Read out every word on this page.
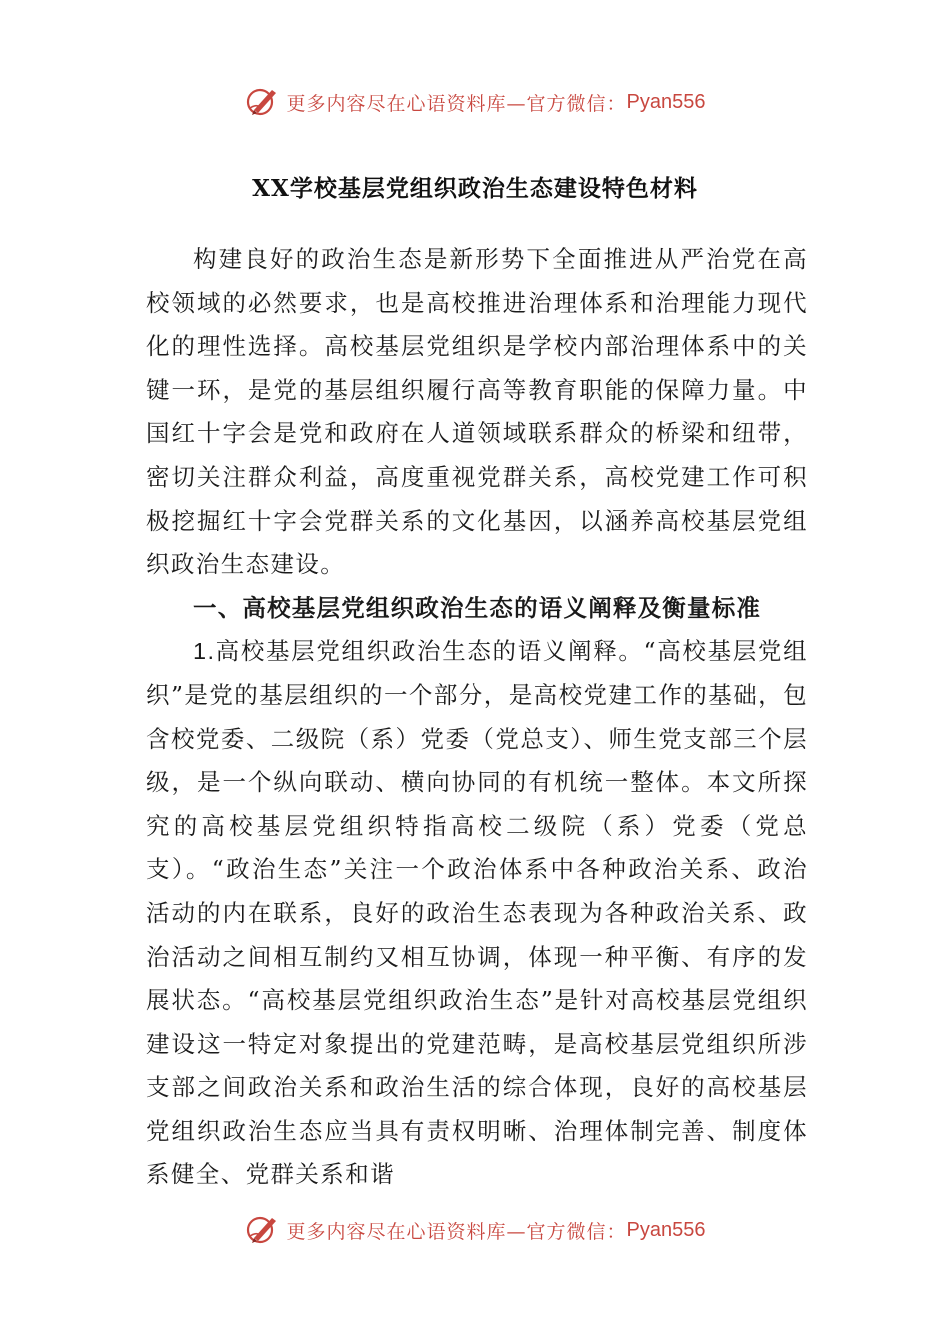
更多内容尽在心语资料库—官方微信： Pyan556
XX学校基层党组织政治生态建设特色材料

构建良好的政治生态是新形势下全面推进从严治党在高校领域的必然要求，也是高校推进治理体系和治理能力现代化的理性选择。高校基层党组织是学校内部治理体系中的关键一环，是党的基层组织履行高等教育职能的保障力量。中国红十字会是党和政府在人道领域联系群众的桥梁和纽带，密切关注群众利益，高度重视党群关系，高校党建工作可积极挖掘红十字会党群关系的文化基因，以涵养高校基层党组织政治生态建设。

一、高校基层党组织政治生态的语义阐释及衡量标准

1.高校基层党组织政治生态的语义阐释。“高校基层党组织”是党的基层组织的一个部分，是高校党建工作的基础，包含校党委、二级院（系）党委（党总支）、师生党支部三个层级，是一个纵向联动、横向协同的有机统一整体。本文所探究的高校基层党组织特指高校二级院（系）党委（党总支）。“政治生态”关注一个政治体系中各种政治关系、政治活动的内在联系，良好的政治生态表现为各种政治关系、政治活动之间相互制约又相互协调，体现一种平衡、有序的发展状态。“高校基层党组织政治生态”是针对高校基层党组织建设这一特定对象提出的党建范畴，是高校基层党组织所涉支部之间政治关系和政治生活的综合体现，良好的高校基层党组织政治生态应当具有责权明晰、治理体制完善、制度体系健全、党群关系和谐

更多内容尽在心语资料库—官方微信： Pyan556
